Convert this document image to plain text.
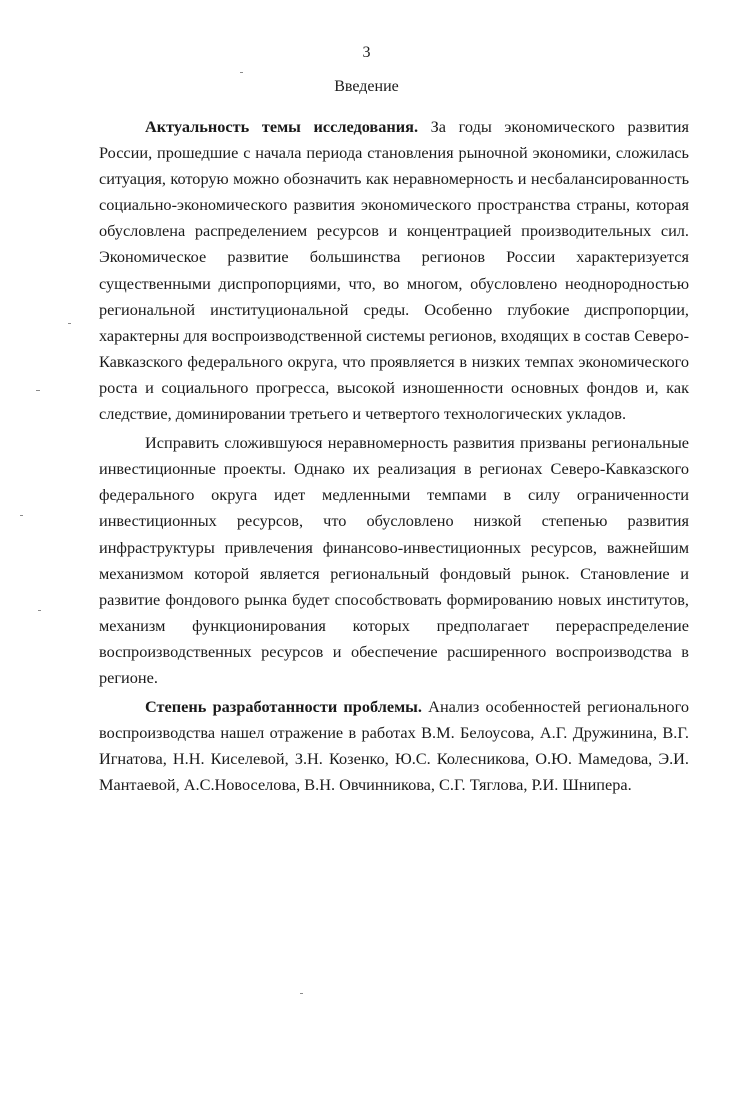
3
Введение

Актуальность темы исследования. За годы экономического развития России, прошедшие с начала периода становления рыночной экономики, сложилась ситуация, которую можно обозначить как неравномерность и несбалансированность социально-экономического развития экономического пространства страны, которая обусловлена распределением ресурсов и концентрацией производительных сил. Экономическое развитие большинства регионов России характеризуется существенными диспропорциями, что, во многом, обусловлено неоднородностью региональной институциональной среды. Особенно глубокие диспропорции, характерны для воспроизводственной системы регионов, входящих в состав Северо-Кавказского федерального округа, что проявляется в низких темпах экономического роста и социального прогресса, высокой изношенности основных фондов и, как следствие, доминировании третьего и четвертого технологических укладов.

Исправить сложившуюся неравномерность развития призваны региональные инвестиционные проекты. Однако их реализация в регионах Северо-Кавказского федерального округа идет медленными темпами в силу ограниченности инвестиционных ресурсов, что обусловлено низкой степенью развития инфраструктуры привлечения финансово-инвестиционных ресурсов, важнейшим механизмом которой является региональный фондовый рынок. Становление и развитие фондового рынка будет способствовать формированию новых институтов, механизм функционирования которых предполагает перераспределение воспроизводственных ресурсов и обеспечение расширенного воспроизводства в регионе.

Степень разработанности проблемы. Анализ особенностей регионального воспроизводства нашел отражение в работах В.М. Белоусова, А.Г. Дружинина, В.Г. Игнатова, Н.Н. Киселевой, З.Н. Козенко, Ю.С. Колесникова, О.Ю. Мамедова, Э.И. Мантаевой, А.С.Новоселова, В.Н. Овчинникова, С.Г. Тяглова, Р.И. Шнипера.
